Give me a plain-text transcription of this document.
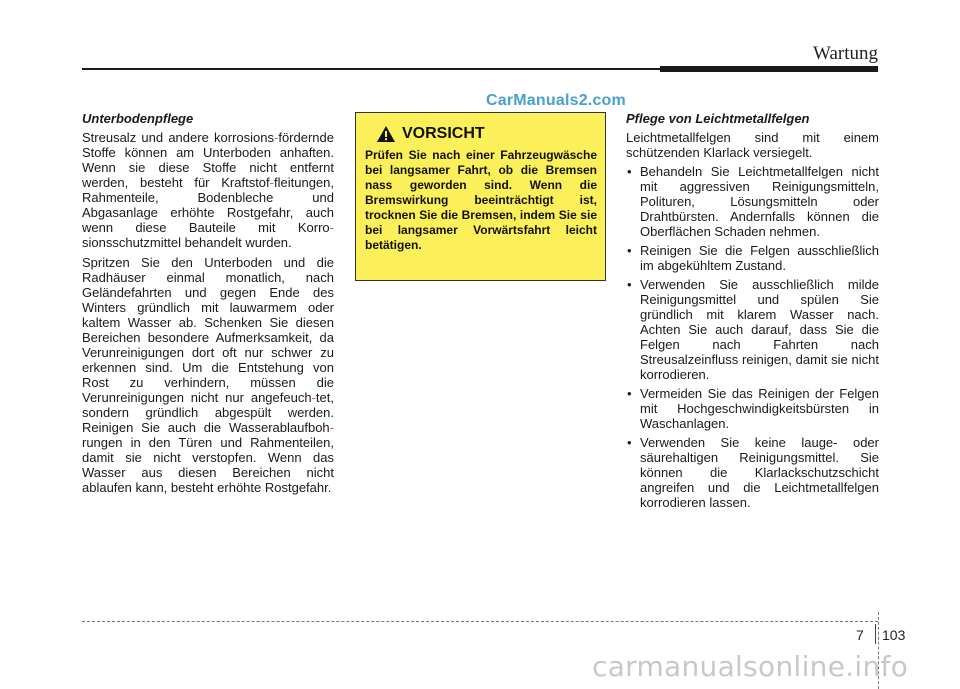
Wartung
CarManuals2.com
Unterbodenpflege

Streusalz und andere korrosions-fördernde Stoffe können am Unterboden anhaften. Wenn sie diese Stoffe nicht entfernt werden, besteht für Kraftstof-fleitungen, Rahmenteile, Bodenbleche und Abgasanlage erhöhte Rostgefahr, auch wenn diese Bauteile mit Korro-sionsschutzmittel behandelt wurden.

Spritzen Sie den Unterboden und die Radhäuser einmal monatlich, nach Geländefahrten und gegen Ende des Winters gründlich mit lauwarmem oder kaltem Wasser ab. Schenken Sie diesen Bereichen besondere Aufmerksamkeit, da Verunreinigungen dort oft nur schwer zu erkennen sind. Um die Entstehung von Rost zu verhindern, müssen die Verunreinigungen nicht nur angefeuch-tet, sondern gründlich abgespült werden. Reinigen Sie auch die Wasserablaufboh-rungen in den Türen und Rahmenteilen, damit sie nicht verstopfen. Wenn das Wasser aus diesen Bereichen nicht ablaufen kann, besteht erhöhte Rostgefahr.

VORSICHT
Prüfen Sie nach einer Fahrzeugwäsche bei langsamer Fahrt, ob die Bremsen nass geworden sind. Wenn die Bremswirkung beeinträchtigt ist, trocknen Sie die Bremsen, indem Sie sie bei langsamer Vorwärtsfahrt leicht betätigen.
Pflege von Leichtmetallfelgen

Leichtmetallfelgen sind mit einem schützenden Klarlack versiegelt.

• Behandeln Sie Leichtmetallfelgen nicht mit aggressiven Reinigungsmitteln, Polituren, Lösungsmitteln oder Drahtbürsten. Andernfalls können die Oberflächen Schaden nehmen.
• Reinigen Sie die Felgen ausschließlich im abgekühltem Zustand.
• Verwenden Sie ausschließlich milde Reinigungsmittel und spülen Sie gründlich mit klarem Wasser nach. Achten Sie auch darauf, dass Sie die Felgen nach Fahrten nach Streusalzeinfluss reinigen, damit sie nicht korrodieren.
• Vermeiden Sie das Reinigen der Felgen mit Hochgeschwindigkeitsbürsten in Waschanlagen.
• Verwenden Sie keine lauge- oder säurehaltigen Reinigungsmittel. Sie können die Klarlackschutzschicht angreifen und die Leichtmetallfelgen korrodieren lassen.
7 103
carmanualsonline.info
